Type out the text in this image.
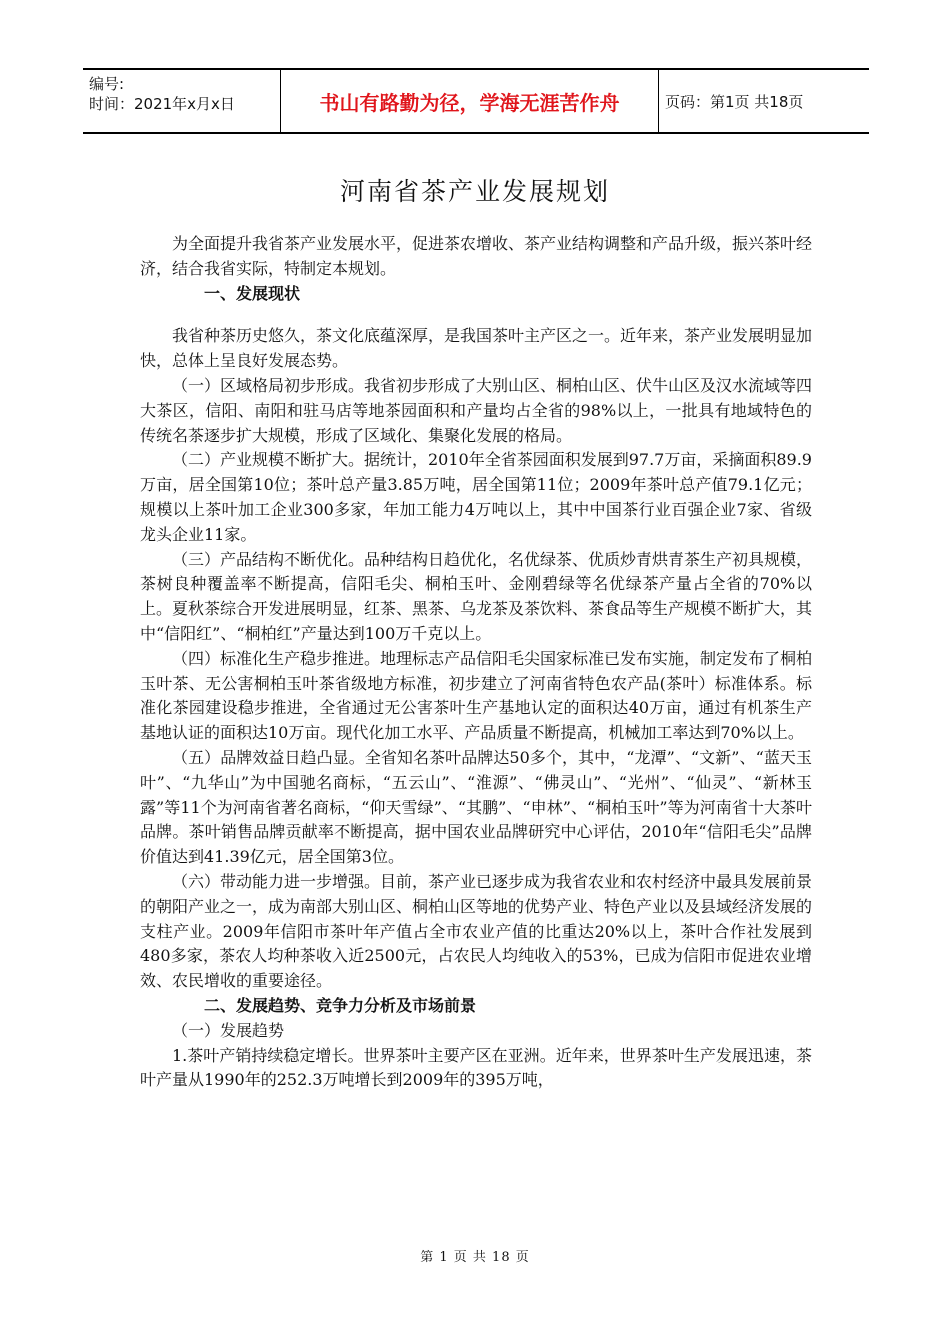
编号:
时间：2021年x月x日	书山有路勤为径，学海无涯苦作舟	页码：第1页 共18页
河南省茶产业发展规划

为全面提升我省茶产业发展水平，促进茶农增收、茶产业结构调整和产品升级，振兴茶叶经济，结合我省实际，特制定本规划。

一、发展现状

我省种茶历史悠久，茶文化底蕴深厚，是我国茶叶主产区之一。近年来，茶产业发展明显加快，总体上呈良好发展态势。

（一）区域格局初步形成。我省初步形成了大别山区、桐柏山区、伏牛山区及汉水流域等四大茶区，信阳、南阳和驻马店等地茶园面积和产量均占全省的98%以上，一批具有地域特色的传统名茶逐步扩大规模，形成了区域化、集聚化发展的格局。

（二）产业规模不断扩大。据统计，2010年全省茶园面积发展到97.7万亩，采摘面积89.9万亩，居全国第10位；茶叶总产量3.85万吨，居全国第11位；2009年茶叶总产值79.1亿元；规模以上茶叶加工企业300多家，年加工能力4万吨以上，其中中国茶行业百强企业7家、省级龙头企业11家。

（三）产品结构不断优化。品种结构日趋优化，名优绿茶、优质炒青烘青茶生产初具规模，茶树良种覆盖率不断提高，信阳毛尖、桐柏玉叶、金刚碧绿等名优绿茶产量占全省的70%以上。夏秋茶综合开发进展明显，红茶、黑茶、乌龙茶及茶饮料、茶食品等生产规模不断扩大，其中“信阳红”、“桐柏红”产量达到100万千克以上。

（四）标准化生产稳步推进。地理标志产品信阳毛尖国家标准已发布实施，制定发布了桐柏玉叶茶、无公害桐柏玉叶茶省级地方标准，初步建立了河南省特色农产品(茶叶）标准体系。标准化茶园建设稳步推进，全省通过无公害茶叶生产基地认定的面积达40万亩，通过有机茶生产基地认证的面积达10万亩。现代化加工水平、产品质量不断提高，机械加工率达到70%以上。

（五）品牌效益日趋凸显。全省知名茶叶品牌达50多个，其中，“龙潭”、“文新”、“蓝天玉叶”、“九华山”为中国驰名商标，“五云山”、“淮源”、“佛灵山”、“光州”、“仙灵”、“新林玉露”等11个为河南省著名商标，“仰天雪绿”、“其鹏”、“申林”、“桐柏玉叶”等为河南省十大茶叶品牌。茶叶销售品牌贡献率不断提高，据中国农业品牌研究中心评估，2010年“信阳毛尖”品牌价值达到41.39亿元，居全国第3位。

（六）带动能力进一步增强。目前，茶产业已逐步成为我省农业和农村经济中最具发展前景的朝阳产业之一，成为南部大别山区、桐柏山区等地的优势产业、特色产业以及县域经济发展的支柱产业。2009年信阳市茶叶年产值占全市农业产值的比重达20%以上，茶叶合作社发展到480多家，茶农人均种茶收入近2500元，占农民人均纯收入的53%，已成为信阳市促进农业增效、农民增收的重要途径。

二、发展趋势、竞争力分析及市场前景

（一）发展趋势

1.茶叶产销持续稳定增长。世界茶叶主要产区在亚洲。近年来，世界茶叶生产发展迅速，茶叶产量从1990年的252.3万吨增长到2009年的395万吨，

第 1 页 共 18 页
